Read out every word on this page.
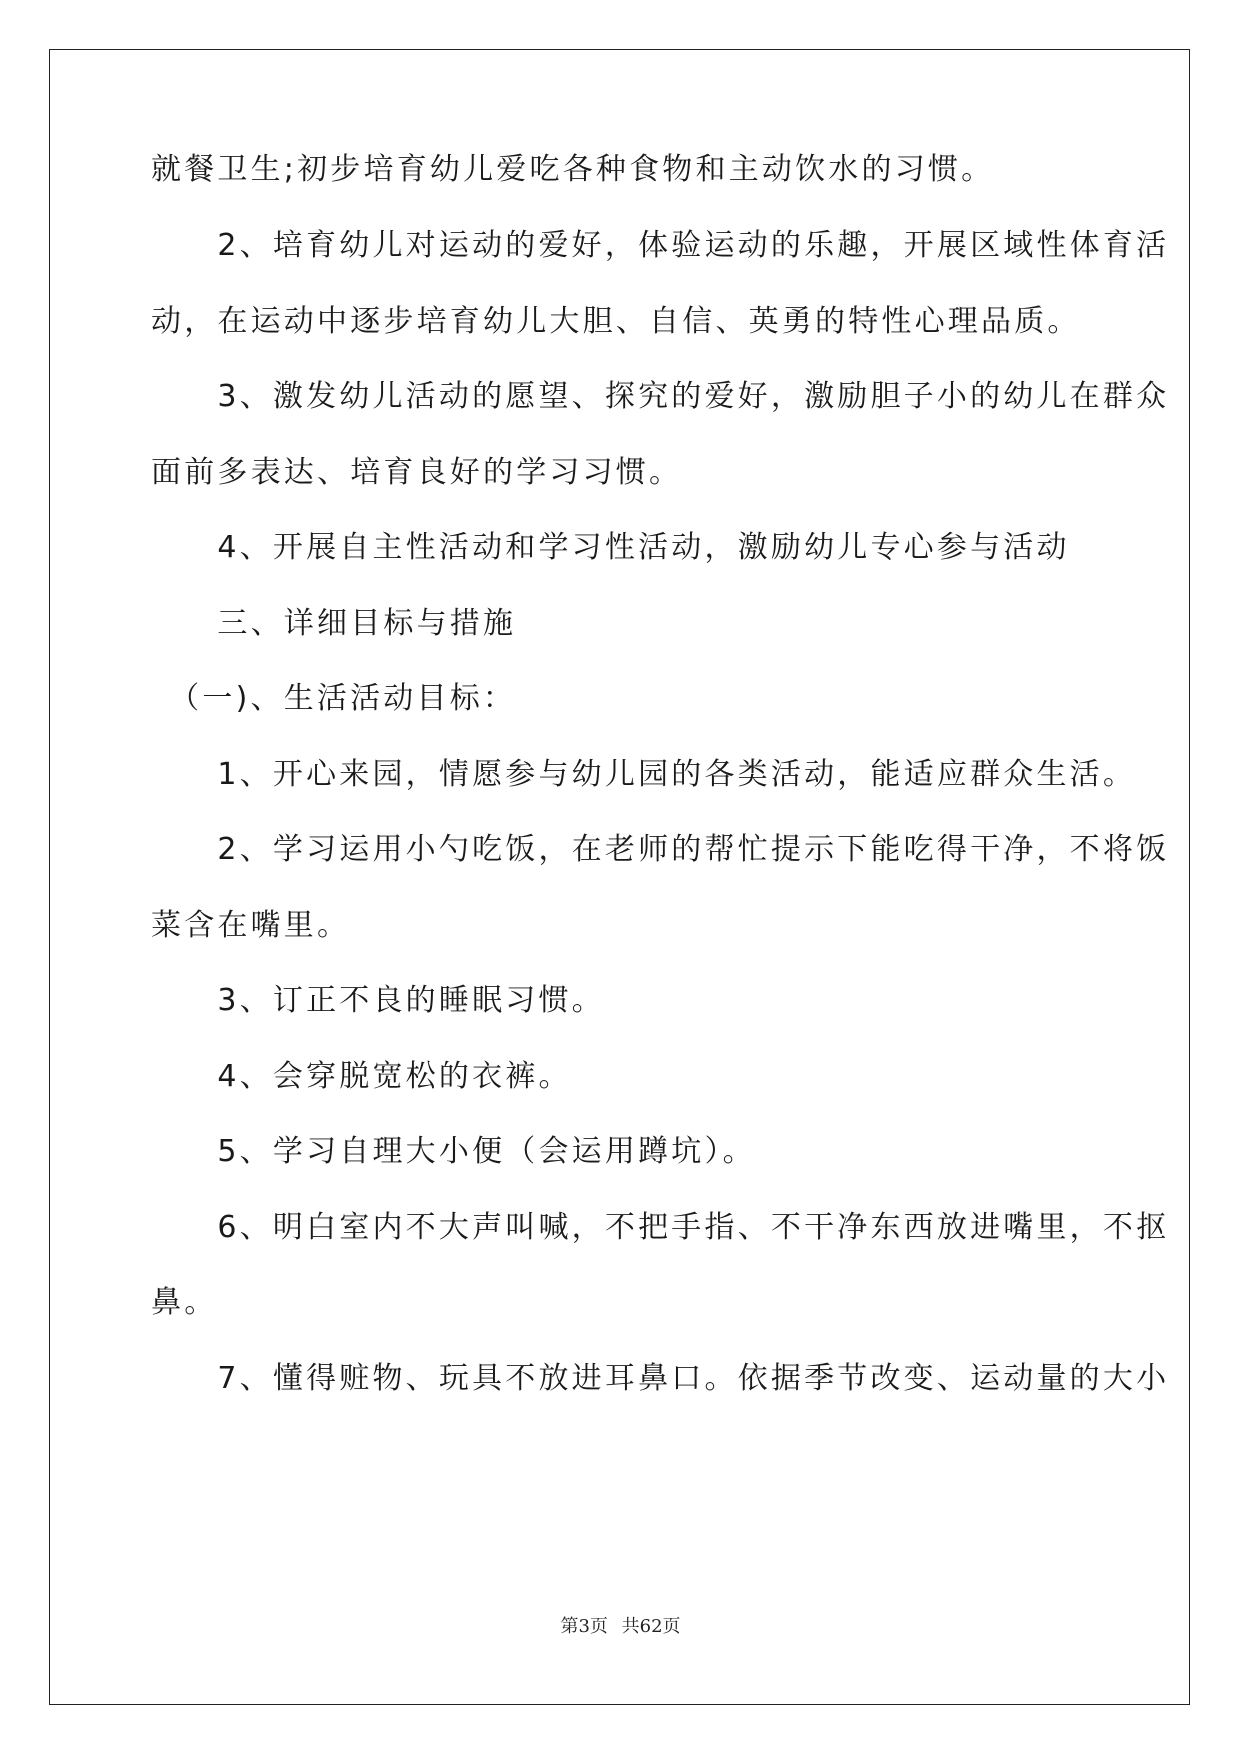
就餐卫生;初步培育幼儿爱吃各种食物和主动饮水的习惯。
　　2、培育幼儿对运动的爱好，体验运动的乐趣，开展区域性体育活
动，在运动中逐步培育幼儿大胆、自信、英勇的特性心理品质。
　　3、激发幼儿活动的愿望、探究的爱好，激励胆子小的幼儿在群众
面前多表达、培育良好的学习习惯。
　　4、开展自主性活动和学习性活动，激励幼儿专心参与活动
　　三、详细目标与措施
　（一)、生活活动目标：
　　1、开心来园，情愿参与幼儿园的各类活动，能适应群众生活。
　　2、学习运用小勺吃饭，在老师的帮忙提示下能吃得干净，不将饭
菜含在嘴里。
　　3、订正不良的睡眠习惯。
　　4、会穿脱宽松的衣裤。
　　5、学习自理大小便（会运用蹲坑）。
　　6、明白室内不大声叫喊，不把手指、不干净东西放进嘴里，不抠
鼻。
　　7、懂得赃物、玩具不放进耳鼻口。依据季节改变、运动量的大小
第3页 共62页
